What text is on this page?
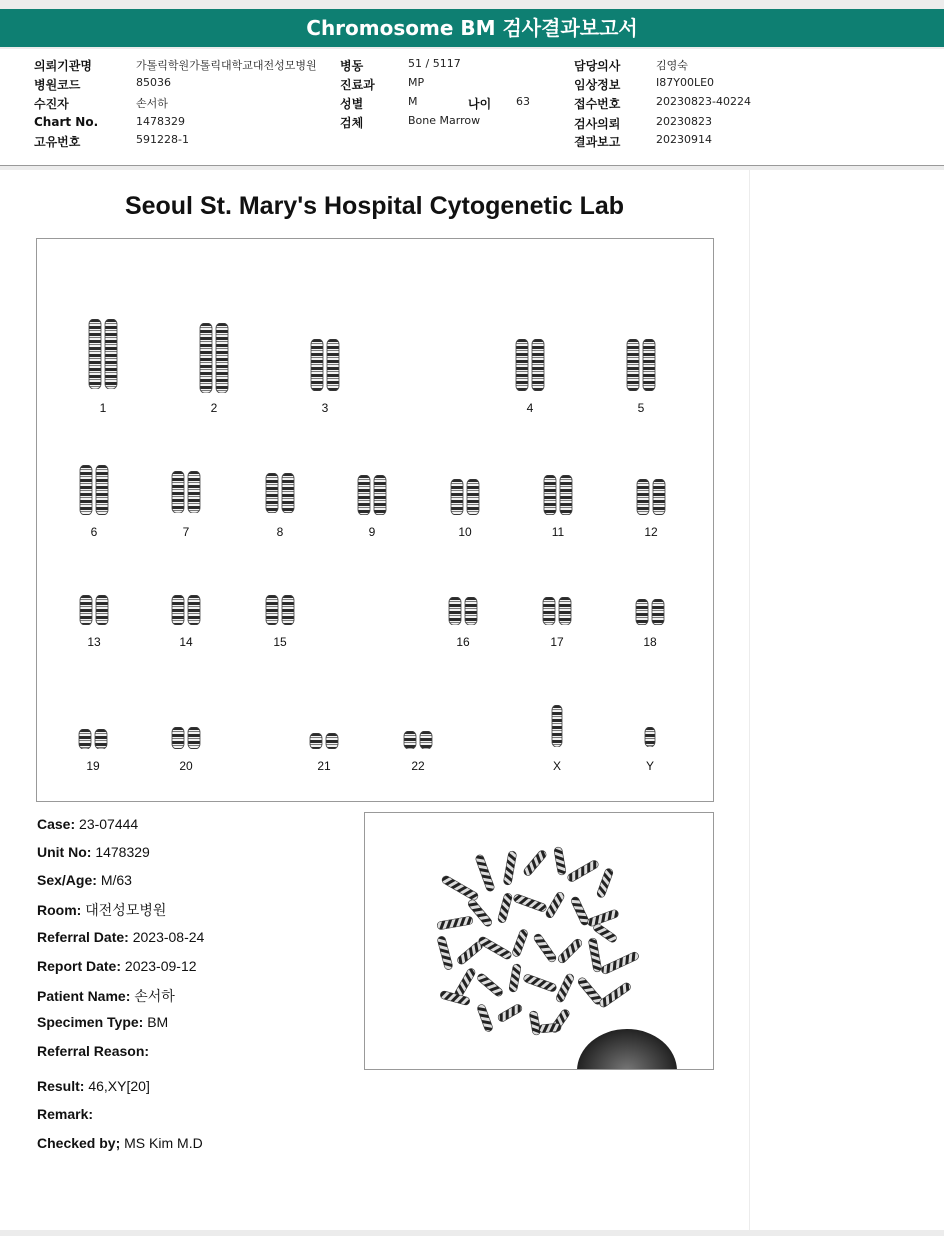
Chromosome BM 검사결과보고서
의뢰기관명	가톨릭학원가톨릭대학교대전성모병원 병동	51 / 5117	담당의사	김영숙
병원코드	85036	진료과	MP	임상정보	I87Y00LE0
수진자	손서하	성별	M	나이 63	접수번호	20230823-40224
Chart No.	1478329	검체	Bone Marrow	검사의뢰	20230823
고유번호	591228-1	결과보고	20230914
Seoul St. Mary's Hospital Cytogenetic Lab
1	2	3	4	5
6	7	8	9	10	11	12
13	14	15	16	17	18
19	20	21	22	X	Y
Case: 23-07444
Unit No: 1478329
Sex/Age: M/63
Room: 대전성모병원
Referral Date: 2023-08-24
Report Date: 2023-09-12
Patient Name: 손서하
Specimen Type: BM
Referral Reason:
Result: 46,XY[20]
Remark:
Checked by; MS Kim M.D
